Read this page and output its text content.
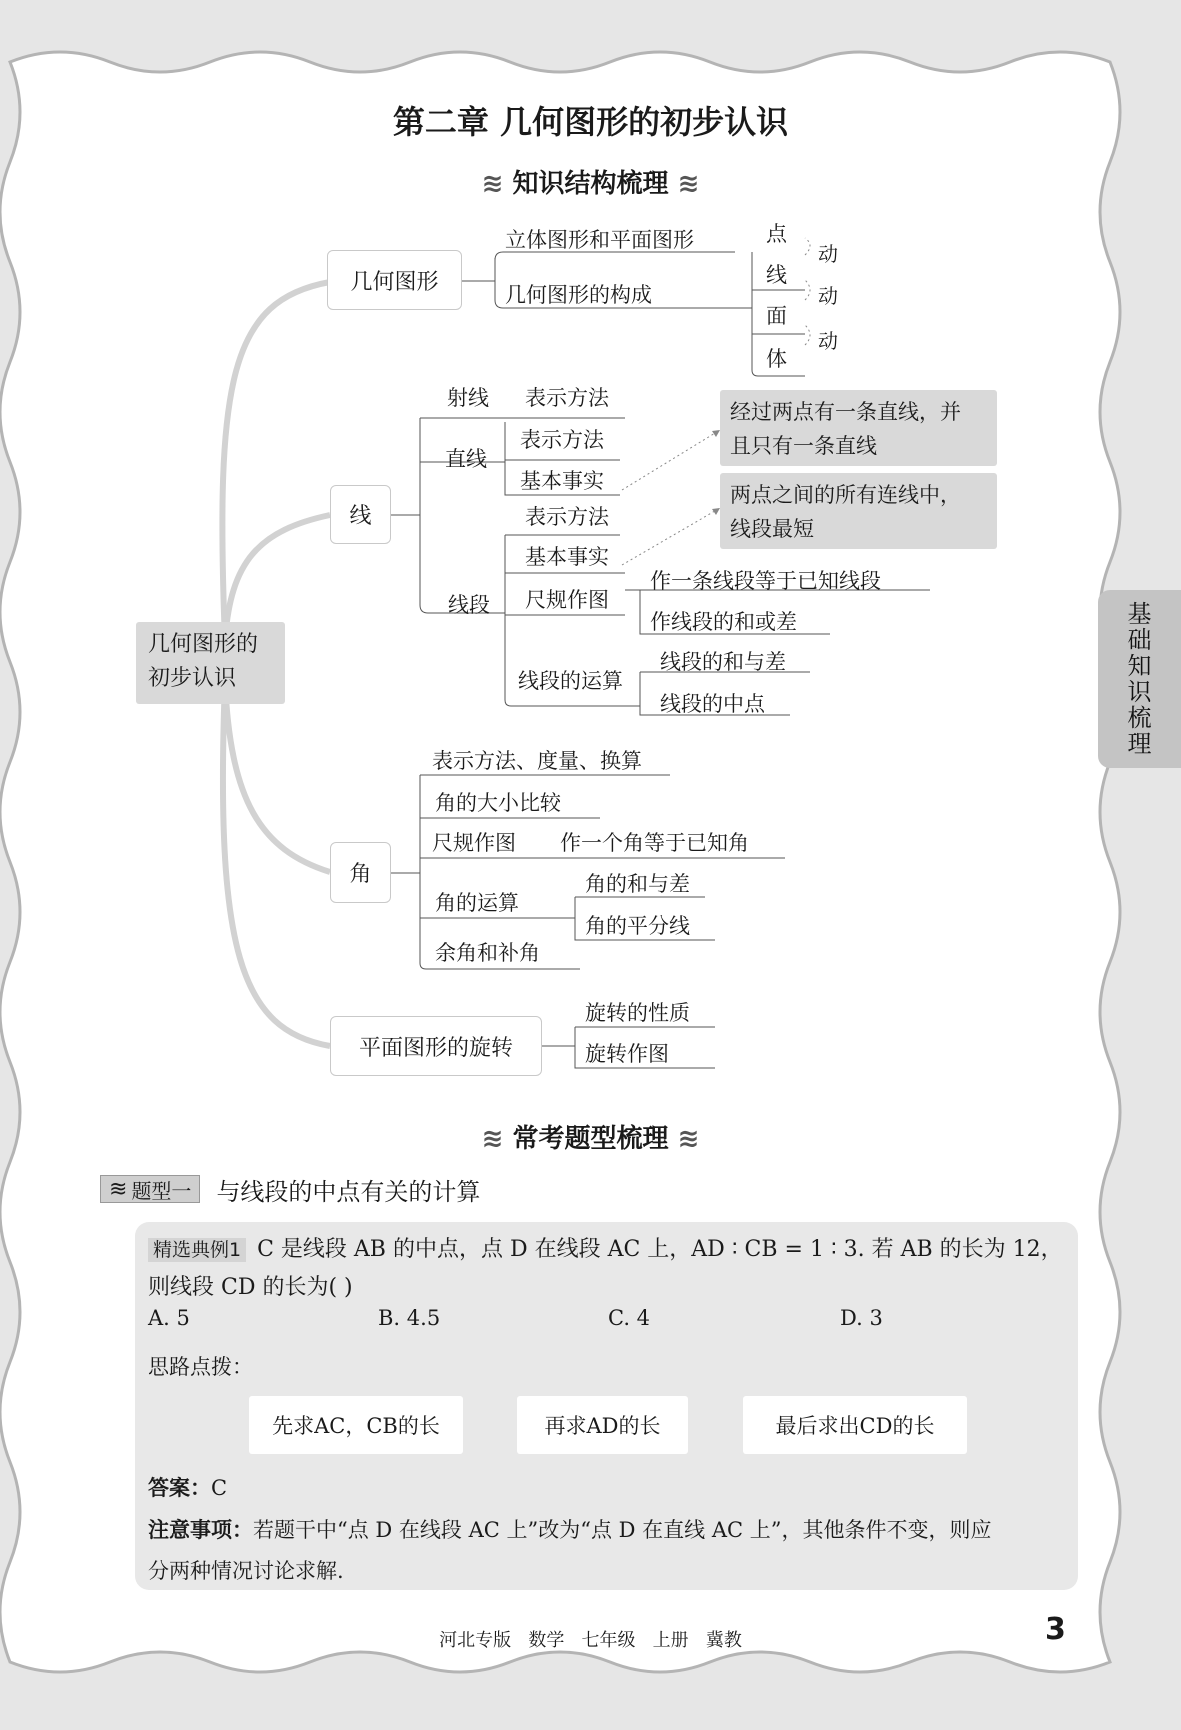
第二章 几何图形的初步认识
≋ 知识结构梳理 ≋
几何图形的
初步认识
几何图形
立体图形和平面图形
几何图形的构成
点
线
面
体
动
动
动
线
射线 表示方法
直线
表示方法
基本事实
线段
表示方法
基本事实
尺规作图
线段的运算
作一条线段等于已知线段
作线段的和或差
线段的和与差
线段的中点
经过两点有一条直线，并
且只有一条直线
两点之间的所有连线中，
线段最短
角
表示方法、度量、换算
角的大小比较
尺规作图 作一个角等于已知角
角的运算
余角和补角
角的和与差
角的平分线
平面图形的旋转
旋转的性质
旋转作图
≋ 常考题型梳理 ≋
≋ 题型一 与线段的中点有关的计算
精选典例1 C 是线段 AB 的中点，点 D 在线段 AC 上，AD ∶ CB = 1 ∶ 3. 若 AB 的长为 12，
则线段 CD 的长为( )
A. 5	B. 4.5	C. 4	D. 3
思路点拨：
先求AC，CB的长	再求AD的长	最后求出CD的长
答案：C
注意事项：若题干中“点 D 在线段 AC 上”改为“点 D 在直线 AC 上”，其他条件不变，则应
分两种情况讨论求解.
基
础
知
识
梳
理
河北专版   数学   七年级   上册   冀教	3
